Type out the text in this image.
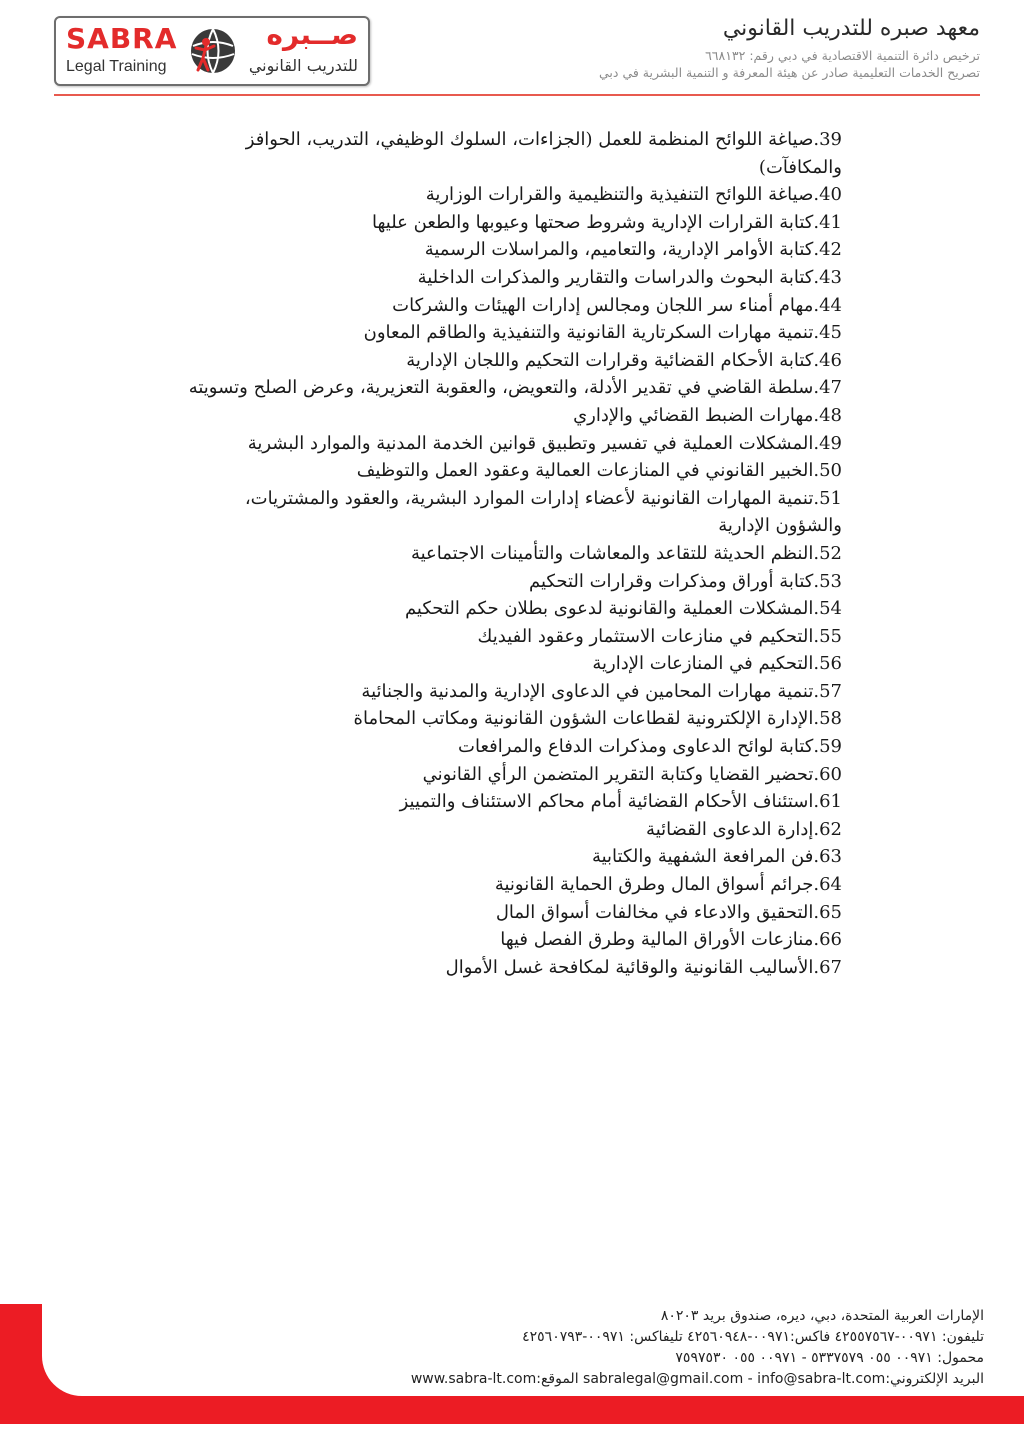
SABRA
Legal Training
صــبره
للتدريب القانوني
معهد صبره للتدريب القانوني
ترخيص دائرة التنمية الاقتصادية في دبي رقم: ٦٦٨١٣٢
تصريح الخدمات التعليمية صادر عن هيئة المعرفة و التنمية البشرية في دبي
39.صياغة اللوائح المنظمة للعمل (الجزاءات، السلوك الوظيفي، التدريب، الحوافز والمكافآت)
40.صياغة اللوائح التنفيذية والتنظيمية والقرارات الوزارية
41.كتابة القرارات الإدارية وشروط صحتها وعيوبها والطعن عليها
42.كتابة الأوامر الإدارية، والتعاميم، والمراسلات الرسمية
43.كتابة البحوث والدراسات والتقارير والمذكرات الداخلية
44.مهام أمناء سر اللجان ومجالس إدارات الهيئات والشركات
45.تنمية مهارات السكرتارية القانونية والتنفيذية والطاقم المعاون
46.كتابة الأحكام القضائية وقرارات التحكيم واللجان الإدارية
47.سلطة القاضي في تقدير الأدلة، والتعويض، والعقوبة التعزيرية، وعرض الصلح وتسويته
48.مهارات الضبط القضائي والإداري
49.المشكلات العملية في تفسير وتطبيق قوانين الخدمة المدنية والموارد البشرية
50.الخبير القانوني في المنازعات العمالية وعقود العمل والتوظيف
51.تنمية المهارات القانونية لأعضاء إدارات الموارد البشرية، والعقود والمشتريات، والشؤون الإدارية
52.النظم الحديثة للتقاعد والمعاشات والتأمينات الاجتماعية
53.كتابة أوراق ومذكرات وقرارات التحكيم
54.المشكلات العملية والقانونية لدعوى بطلان حكم التحكيم
55.التحكيم في منازعات الاستثمار وعقود الفيديك
56.التحكيم في المنازعات الإدارية
57.تنمية مهارات المحامين في الدعاوى الإدارية والمدنية والجنائية
58.الإدارة الإلكترونية لقطاعات الشؤون القانونية ومكاتب المحاماة
59.كتابة لوائح الدعاوى ومذكرات الدفاع والمرافعات
60.تحضير القضايا وكتابة التقرير المتضمن الرأي القانوني
61.استئناف الأحكام القضائية أمام محاكم الاستئناف والتمييز
62.إدارة الدعاوى القضائية
63.فن المرافعة الشفهية والكتابية
64.جرائم أسواق المال وطرق الحماية القانونية
65.التحقيق والادعاء في مخالفات أسواق المال
66.منازعات الأوراق المالية وطرق الفصل فيها
67.الأساليب القانونية والوقائية لمكافحة غسل الأموال
الإمارات العربية المتحدة، دبي، ديره، صندوق بريد ٨٠٢٠٣
تليفون: ٠٠٩٧١-٤٢٥٥٧٥٦٧ فاكس:٠٠٩٧١-٤٢٥٦٠٩٤٨ تليفاكس: ٠٠٩٧١-٤٢٥٦٠٧٩٣
محمول: ٠٠٩٧١ ٠٥٥ ٥٣٣٧٥٧٩ - ٠٠٩٧١ ٠٥٥ ٧٥٩٧٥٣٠
البريد الإلكتروني:sabralegal@gmail.com - info@sabra-lt.com الموقع:www.sabra-lt.com
